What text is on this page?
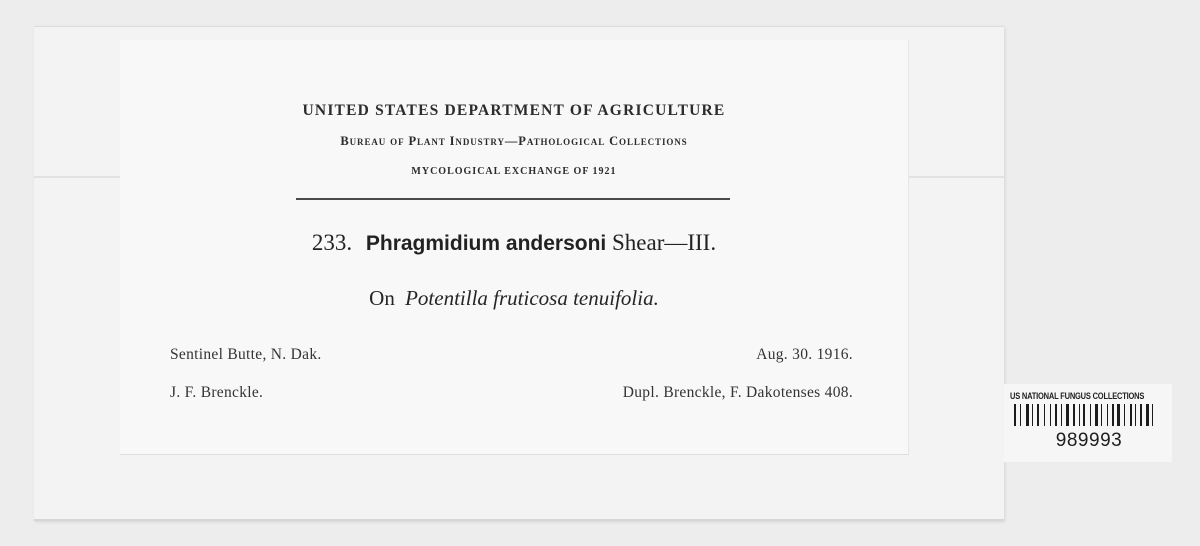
UNITED STATES DEPARTMENT OF AGRICULTURE
Bureau of Plant Industry—Pathological Collections
MYCOLOGICAL EXCHANGE OF 1921
233. Phragmidium andersoni Shear—III.
On Potentilla fruticosa tenuifolia.
Sentinel Butte, N. Dak.	Aug. 30. 1916.
J. F. Brenckle.	Dupl. Brenckle, F. Dakotenses 408.	US NATIONAL FUNGUS COLLECTIONS
989993
